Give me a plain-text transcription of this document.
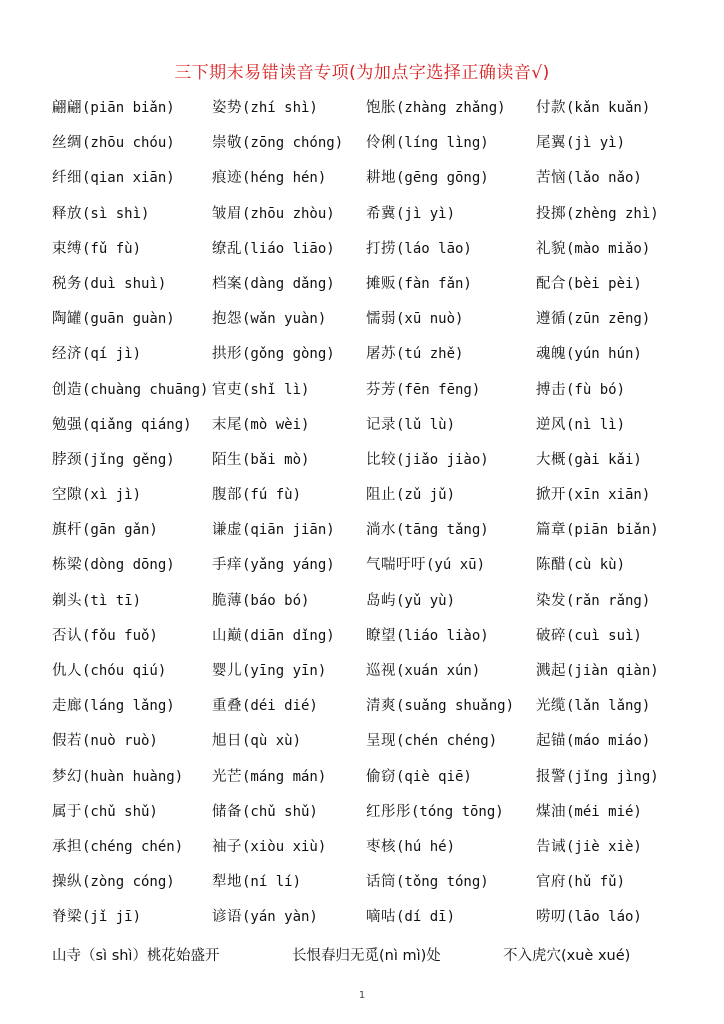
三下期末易错读音专项(为加点字选择正确读音√)
翩翩(piān biǎn)	姿势(zhí shì)	饱胀(zhàng zhǎng) 付款(kǎn kuǎn)
丝绸(zhōu chóu)	崇敬(zōng chóng) 伶俐(líng lìng)	尾翼(jì yì)
纤细(qian xiān)	痕迹(héng hén)	耕地(gēng gōng)	苦恼(lǎo nǎo)
释放(sì shì)	皱眉(zhōu zhòu) 希冀(jì yì)	投掷(zhèng zhì)
束缚(fǔ fù)	缭乱(liáo liāo) 打捞(láo lāo)	礼貌(mào miǎo)
税务(duì shuì)	档案(dàng dǎng) 摊贩(fàn fǎn)	配合(bèi pèi)
陶罐(guān guàn)	抱怨(wǎn yuàn)	懦弱(xū nuò)	遵循(zūn zēng)
经济(qí jì)	拱形(gǒng gòng) 屠苏(tú zhě)	魂魄(yún hún)
创造(chuàng chuāng) 官吏(shǐ lì)	芬芳(fēn fēng)	搏击(fù bó)
勉强(qiǎng qiáng) 末尾(mò wèi)	记录(lǔ lù)	逆风(nì lì)
脖颈(jǐng gěng)	陌生(bǎi mò)	比较(jiǎo jiào)	大概(gài kǎi)
空隙(xì jì)	腹部(fú fù)	阻止(zǔ jǔ)	掀开(xīn xiān)
旗杆(gān gǎn)	谦虚(qiān jiān) 淌水(tāng tǎng)	篇章(piān biǎn)
栋梁(dòng dōng)	手痒(yǎng yáng) 气喘吁吁(yú xū)	陈醋(cù kù)
剃头(tì tī)	脆薄(báo bó)	岛屿(yǔ yù)	染发(rǎn rǎng)
否认(fǒu fuǒ)	山巅(diān dǐng) 瞭望(liáo liào)	破碎(cuì suì)
仇人(chóu qiú)	婴儿(yīng yīn)	巡视(xuán xún)	溅起(jiàn qiàn)
走廊(láng lǎng)	重叠(déi dié)	清爽(suǎng shuǎng) 光缆(lǎn lǎng)
假若(nuò ruò)	旭日(qù xù)	呈现(chén chéng)	起锚(máo miáo)
梦幻(huàn huàng) 光芒(máng mán)	偷窃(qiè qiē)	报警(jǐng jìng)
属于(chǔ shǔ)	储备(chǔ shǔ)	红彤彤(tóng tōng) 煤油(méi mié)
承担(chéng chén) 袖子(xiòu xiù)	枣核(hú hé)	告诫(jiè xiè)
操纵(zòng cóng)	犁地(ní lí)	话筒(tǒng tóng)	官府(hǔ fǔ)
脊梁(jǐ jī)	谚语(yán yàn)	嘀咕(dí dī)	唠叨(lāo láo)
山寺（sì shì）桃花始盛开	长恨春归无觅(nì mì)处	不入虎穴(xuè xué)
1
